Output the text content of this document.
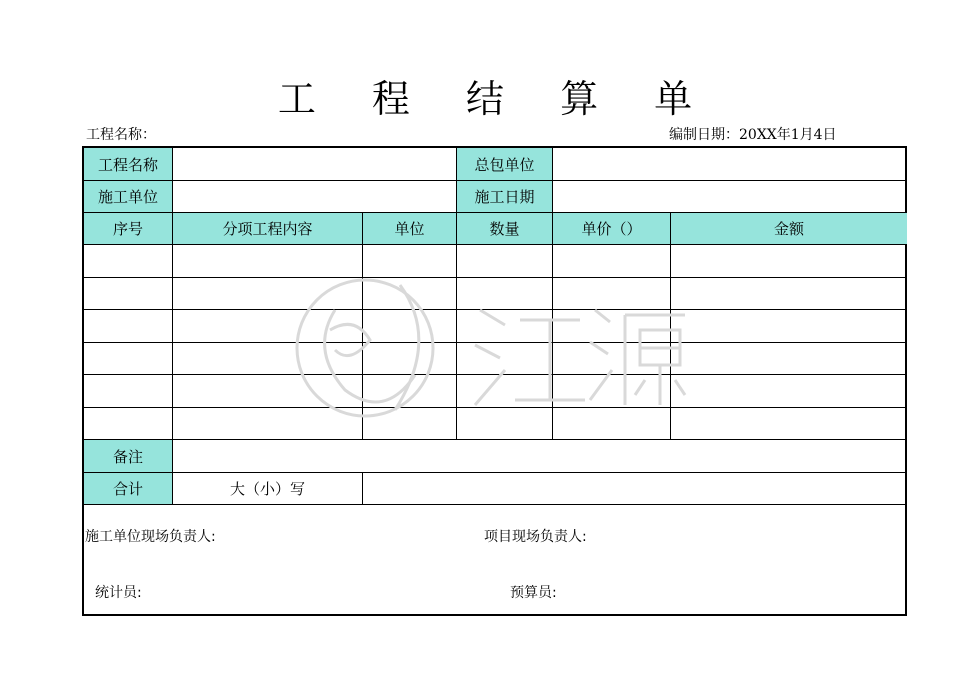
工 程 结 算 单
工程名称：	编制日期：20XX年1月4日
工程名称	总包单位
施工单位	施工日期
序号	分项工程内容	单位	数量	单价（）	金额
备注
合计	大（小）写
施工单位现场负责人:	项目现场负责人:
统计员:	预算员:
